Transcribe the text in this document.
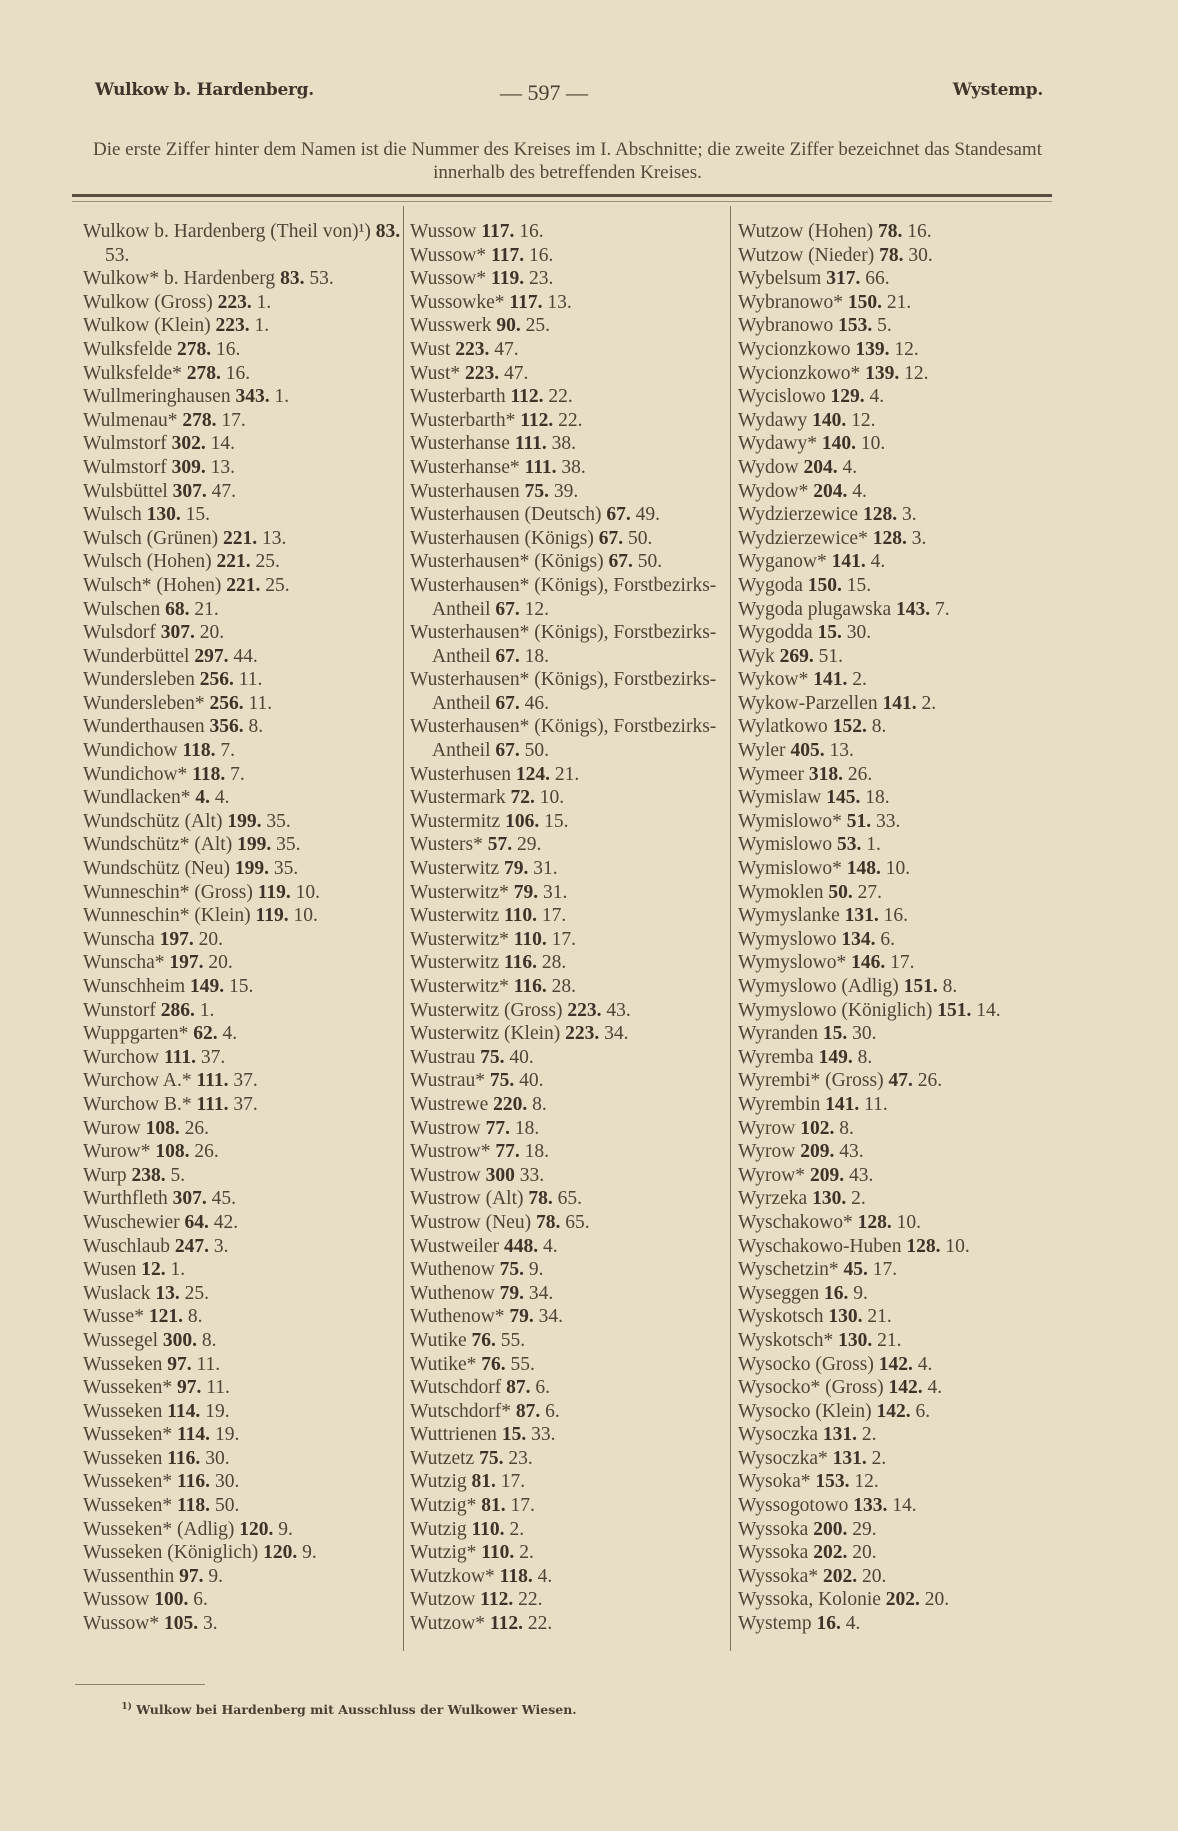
Wulkow b. Hardenberg.	— 597 —	Wystemp.
Die erste Ziffer hinter dem Namen ist die Nummer des Kreises im I. Abschnitte; die zweite Ziffer bezeichnet das Standesamt innerhalb des betreffenden Kreises.
Wulkow b. Hardenberg (Theil von)¹) 83. 53.
Wulkow* b. Hardenberg 83. 53.
Wulkow (Gross) 223. 1.
Wulkow (Klein) 223. 1.
Wulksfelde 278. 16.
Wulksfelde* 278. 16.
Wullmeringhausen 343. 1.
Wulmenau* 278. 17.
Wulmstorf 302. 14.
Wulmstorf 309. 13.
Wulsbüttel 307. 47.
Wulsch 130. 15.
Wulsch (Grünen) 221. 13.
Wulsch (Hohen) 221. 25.
Wulsch* (Hohen) 221. 25.
Wulschen 68. 21.
Wulsdorf 307. 20.
Wunderbüttel 297. 44.
Wundersleben 256. 11.
Wundersleben* 256. 11.
Wunderthausen 356. 8.
Wundichow 118. 7.
Wundichow* 118. 7.
Wundlacken* 4. 4.
Wundschütz (Alt) 199. 35.
Wundschütz* (Alt) 199. 35.
Wundschütz (Neu) 199. 35.
Wunneschin* (Gross) 119. 10.
Wunneschin* (Klein) 119. 10.
Wunscha 197. 20.
Wunscha* 197. 20.
Wunschheim 149. 15.
Wunstorf 286. 1.
Wuppgarten* 62. 4.
Wurchow 111. 37.
Wurchow A.* 111. 37.
Wurchow B.* 111. 37.
Wurow 108. 26.
Wurow* 108. 26.
Wurp 238. 5.
Wurthfleth 307. 45.
Wuschewier 64. 42.
Wuschlaub 247. 3.
Wusen 12. 1.
Wuslack 13. 25.
Wusse* 121. 8.
Wussegel 300. 8.
Wusseken 97. 11.
Wusseken* 97. 11.
Wusseken 114. 19.
Wusseken* 114. 19.
Wusseken 116. 30.
Wusseken* 116. 30.
Wusseken* 118. 50.
Wusseken* (Adlig) 120. 9.
Wusseken (Königlich) 120. 9.
Wussenthin 97. 9.
Wussow 100. 6.
Wussow* 105. 3.
Wussow 117. 16.
Wussow* 117. 16.
Wussow* 119. 23.
Wussowke* 117. 13.
Wusswerk 90. 25.
Wust 223. 47.
Wust* 223. 47.
Wusterbarth 112. 22.
Wusterbarth* 112. 22.
Wusterhanse 111. 38.
Wusterhanse* 111. 38.
Wusterhausen 75. 39.
Wusterhausen (Deutsch) 67. 49.
Wusterhausen (Königs) 67. 50.
Wusterhausen* (Königs) 67. 50.
Wusterhausen* (Königs), Forstbezirks-Antheil 67. 12.
Wusterhausen* (Königs), Forstbezirks-Antheil 67. 18.
Wusterhausen* (Königs), Forstbezirks-Antheil 67. 46.
Wusterhausen* (Königs), Forstbezirks-Antheil 67. 50.
Wusterhusen 124. 21.
Wustermark 72. 10.
Wustermitz 106. 15.
Wusters* 57. 29.
Wusterwitz 79. 31.
Wusterwitz* 79. 31.
Wusterwitz 110. 17.
Wusterwitz* 110. 17.
Wusterwitz 116. 28.
Wusterwitz* 116. 28.
Wusterwitz (Gross) 223. 43.
Wusterwitz (Klein) 223. 34.
Wustrau 75. 40.
Wustrau* 75. 40.
Wustrewe 220. 8.
Wustrow 77. 18.
Wustrow* 77. 18.
Wustrow 300 33.
Wustrow (Alt) 78. 65.
Wustrow (Neu) 78. 65.
Wustweiler 448. 4.
Wuthenow 75. 9.
Wuthenow 79. 34.
Wuthenow* 79. 34.
Wutike 76. 55.
Wutike* 76. 55.
Wutschdorf 87. 6.
Wutschdorf* 87. 6.
Wuttrienen 15. 33.
Wutzetz 75. 23.
Wutzig 81. 17.
Wutzig* 81. 17.
Wutzig 110. 2.
Wutzig* 110. 2.
Wutzkow* 118. 4.
Wutzow 112. 22.
Wutzow* 112. 22.
Wutzow (Hohen) 78. 16.
Wutzow (Nieder) 78. 30.
Wybelsum 317. 66.
Wybranowo* 150. 21.
Wybranowo 153. 5.
Wycionzkowo 139. 12.
Wycionzkowo* 139. 12.
Wycislowo 129. 4.
Wydawy 140. 12.
Wydawy* 140. 10.
Wydow 204. 4.
Wydow* 204. 4.
Wydzierzewice 128. 3.
Wydzierzewice* 128. 3.
Wyganow* 141. 4.
Wygoda 150. 15.
Wygoda plugawska 143. 7.
Wygodda 15. 30.
Wyk 269. 51.
Wykow* 141. 2.
Wykow-Parzellen 141. 2.
Wylatkowo 152. 8.
Wyler 405. 13.
Wymeer 318. 26.
Wymislaw 145. 18.
Wymislowo* 51. 33.
Wymislowo 53. 1.
Wymislowo* 148. 10.
Wymoklen 50. 27.
Wymyslanke 131. 16.
Wymyslowo 134. 6.
Wymyslowo* 146. 17.
Wymyslowo (Adlig) 151. 8.
Wymyslowo (Königlich) 151. 14.
Wyranden 15. 30.
Wyremba 149. 8.
Wyrembi* (Gross) 47. 26.
Wyrembin 141. 11.
Wyrow 102. 8.
Wyrow 209. 43.
Wyrow* 209. 43.
Wyrzeka 130. 2.
Wyschakowo* 128. 10.
Wyschakowo-Huben 128. 10.
Wyschetzin* 45. 17.
Wyseggen 16. 9.
Wyskotsch 130. 21.
Wyskotsch* 130. 21.
Wysocko (Gross) 142. 4.
Wysocko* (Gross) 142. 4.
Wysocko (Klein) 142. 6.
Wysoczka 131. 2.
Wysoczka* 131. 2.
Wysoka* 153. 12.
Wyssogotowo 133. 14.
Wyssoka 200. 29.
Wyssoka 202. 20.
Wyssoka* 202. 20.
Wyssoka, Kolonie 202. 20.
Wystemp 16. 4.
$^{1)}$ Wulkow bei Hardenberg mit Ausschluss der Wulkower Wiesen.
